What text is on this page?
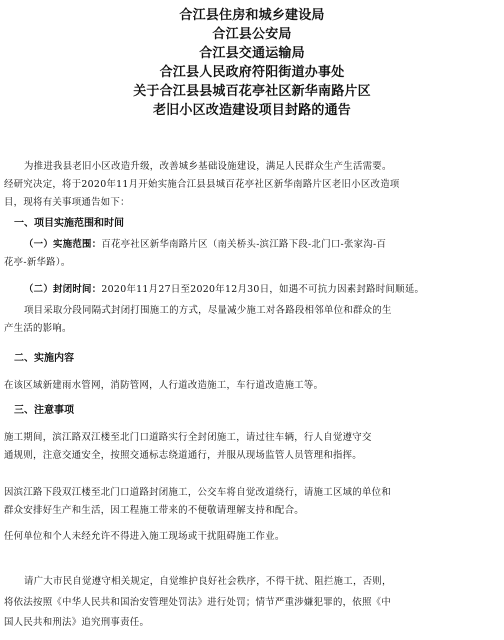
合江县住房和城乡建设局
合江县公安局
合江县交通运输局
合江县人民政府符阳街道办事处
关于合江县县城百花亭社区新华南路片区
老旧小区改造建设项目封路的通告

为推进我县老旧小区改造升级，改善城乡基础设施建设，满足人民群众生产生活需要。

经研究决定，将于2020年11月开始实施合江县县城百花亭社区新华南路片区老旧小区改造项

目，现将有关事项通告如下：

一、项目实施范围和时间

（一）实施范围：百花亭社区新华南路片区（南关桥头-滨江路下段-北门口-张家沟-百

花亭-新华路）。

（二）封闭时间：2020年11月27日至2020年12月30日，如遇不可抗力因素封路时间顺延。

项目采取分段同隔式封闭打围施工的方式，尽量减少施工对各路段相邻单位和群众的生

产生活的影响。

二、实施内容

在该区域新建雨水管网，消防管网，人行道改造施工，车行道改造施工等。

三、注意事项

施工期间，滨江路双江楼至北门口道路实行全封闭施工，请过往车辆，行人自觉遵守交

通规则，注意交通安全，按照交通标志绕道通行，并服从现场监管人员管理和指挥。

因滨江路下段双江楼至北门口道路封闭施工，公交车将自觉改道绕行，请施工区域的单位和

群众安排好生产和生活，因工程施工带来的不便敬请理解支持和配合。

任何单位和个人未经允许不得进入施工现场或干扰阻碍施工作业。

请广大市民自觉遵守相关规定，自觉维护良好社会秩序，不得干扰、阻拦施工，否则，

将依法按照《中华人民共和国治安管理处罚法》进行处罚；情节严重涉嫌犯罪的，依照《中

国人民共和刑法》追究刑事责任。
